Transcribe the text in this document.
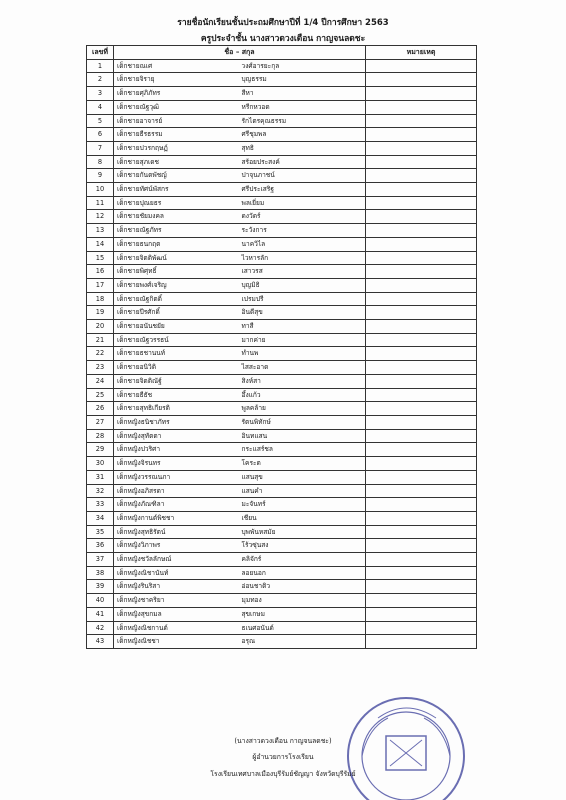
รายชื่อนักเรียนชั้นประถมศึกษาปีที่ 1/4 ปีการศึกษา 2563
ครูประจำชั้น นางสาวดวงเดือน กาญจนลดชะ
เลขที่	ชื่อ – สกุล		หมายเหตุ
1	เด็กชายณเศ	วงศ์อารยะกุล	
2	เด็กชายจิรายุ	บุญธรรม	
3	เด็กชายศุภิภัทร	สีหา	
4	เด็กชายณัฐวุฒิ	หรีกหวอด	
5	เด็กชายอาจารย์	รักไตรคุณธรรม	
6	เด็กชายธีรธรรม	ศรีชุมพล	
7	เด็กชายปวรกฤษฏ์	สุทธิ	
8	เด็กชายสุภเดช	สร้อยประสงค์	
9	เด็กชายกันตพัชญ์	ปาจุนภาชน์	
10	เด็กชายทัศน์พัสกร	ศรีประเสริฐ	
11	เด็กชายปุณยธร	พลเยี่ยม	
12	เด็กชายชัยมงคล	ดงวัดร์	
13	เด็กชายณัฐภัทร	ระวังการ	
14	เด็กชายธนกฤต	นาควิไล	
15	เด็กชายจิตติพัฒน์	ไวหารลัก	
16	เด็กชายพิศุทธิ์	เสาวรส	
17	เด็กชายพงศ์เจริญ	บุญมิธิ	
18	เด็กชายณัฐกิตติ์	เปรมปรี	
19	เด็กชายปีรศักดิ์	อินดีสุข	
20	เด็กชายอนันชยัย	ทาสี	
21	เด็กชายณัฐวรรธน์	มากค่าย	
22	เด็กชายธชานนท์	ทำนพ	
23	เด็กชายอนิวิติ	ไสสะอาด	
24	เด็กชายจิตติณัฐ์	สิงห์สา	
25	เด็กชายธีธัช	อึ้งแก้ว	
26	เด็กชายสุทธิเกียรติ	พูลคล้าย	
27	เด็กหญิงธนิชาภัทร	รัตนพิทักษ์	
28	เด็กหญิงสุทัตตา	อินทแสน	
29	เด็กหญิงปวริศา	กระแสร์ชล	
30	เด็กหญิงจิรนทร	โคระต	
31	เด็กหญิงวรรณนภา	แสนสุข	
32	เด็กหญิงอภิสรดา	แสนคำ	
33	เด็กหญิงภัณฑิลา	มะจันทร์	
34	เด็กหญิงกานต์พิชชา	เชียน	
35	เด็กหญิงสุทธิรัตน์	บุพพันหสมัย	
36	เด็กหญิงวิภาพร	โร้วซุ่นสง	
37	เด็กหญิงชวัลลักษณ์	คลิจักร์	
38	เด็กหญิงณิชานันท์	ลอยนอก	
39	เด็กหญิงรินริสา	อ่อนชาติว	
40	เด็กหญิงชาคริยา	มุมทอง	
41	เด็กหญิงสุขกมล	สุขเกษม	
42	เด็กหญิงณิชกานต์	ธเนศอนันต์	
43	เด็กหญิงณิชชา	อรุณ	
(นางสาวดวงเดือน กาญจนลดชะ)
ผู้อำนวยการโรงเรียน
โรงเรียนเทศบาลเมืองบุรีรัมย์ชัญญา จังหวัดบุรีรัมย์
